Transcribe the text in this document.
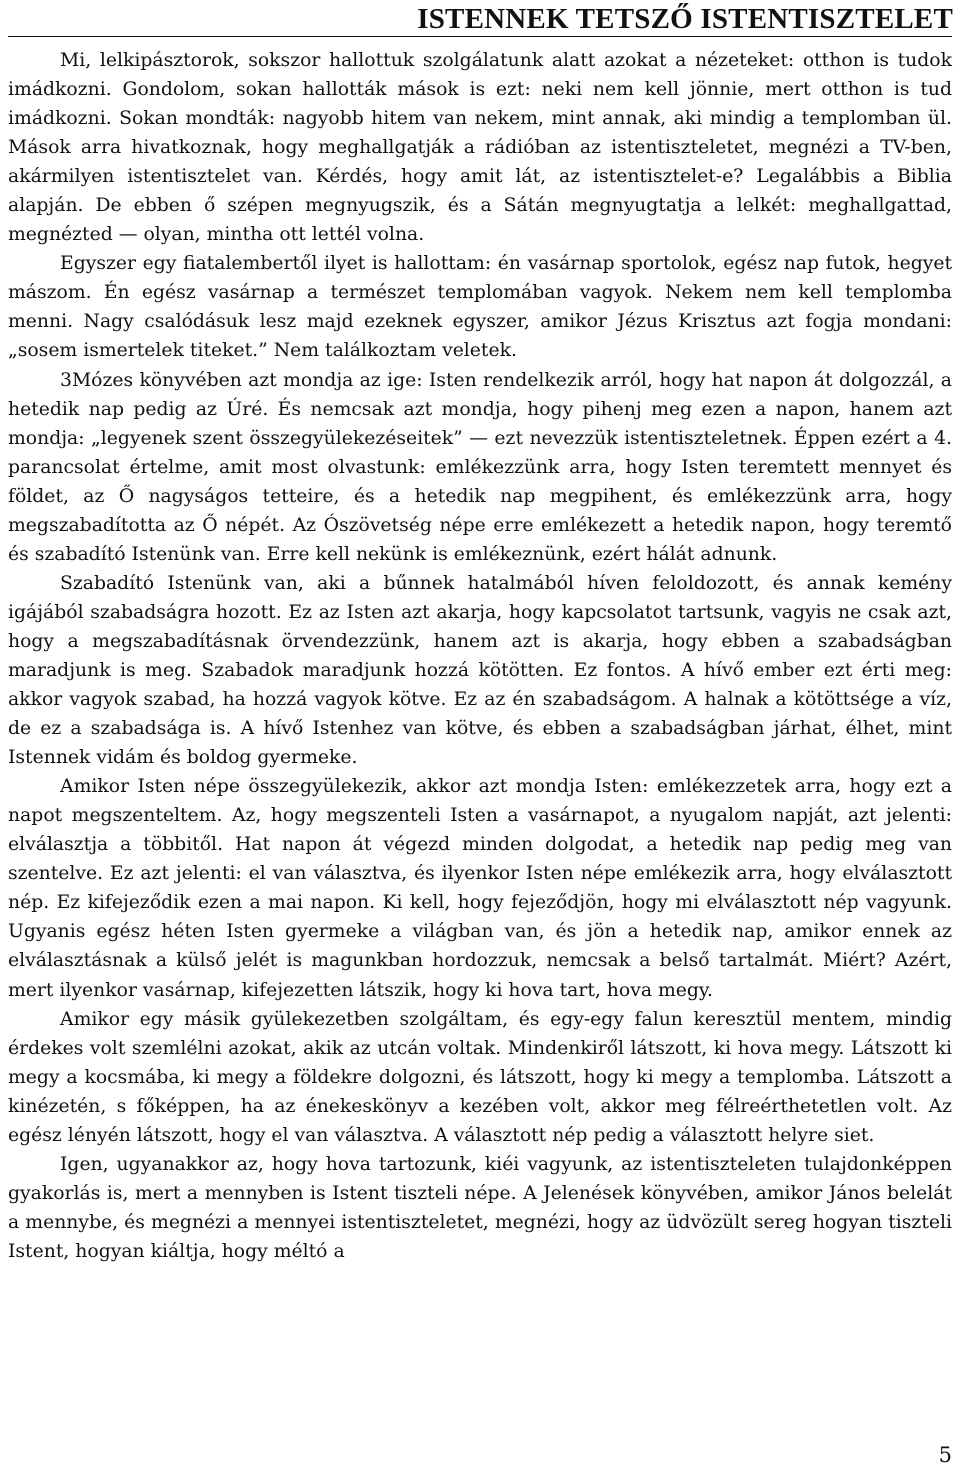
ISTENNEK TETSZŐ ISTENTISZTELET

Mi, lelkipásztorok, sokszor hallottuk szolgálatunk alatt azokat a nézeteket: otthon is tudok imádkozni. Gondolom, sokan hallották mások is ezt: neki nem kell jönnie, mert otthon is tud imádkozni. Sokan mondták: nagyobb hitem van nekem, mint annak, aki mindig a templomban ül. Mások arra hivatkoznak, hogy meghallgatják a rádióban az istentiszteletet, megnézi a TV-ben, akármilyen istentisztelet van. Kérdés, hogy amit lát, az istentisztelet-e? Legalábbis a Biblia alapján. De ebben ő szépen megnyugszik, és a Sátán megnyugtatja a lelkét: meghallgattad, megnézted — olyan, mintha ott lettél volna.

Egyszer egy fiatalembertől ilyet is hallottam: én vasárnap sportolok, egész nap futok, hegyet mászom. Én egész vasárnap a természet templomában vagyok. Nekem nem kell templomba menni. Nagy csalódásuk lesz majd ezeknek egyszer, amikor Jézus Krisztus azt fogja mondani: „sosem ismertelek titeket.” Nem találkoztam veletek.

3Mózes könyvében azt mondja az ige: Isten rendelkezik arról, hogy hat napon át dolgozzál, a hetedik nap pedig az Úré. És nemcsak azt mondja, hogy pihenj meg ezen a napon, hanem azt mondja: „legyenek szent összegyülekezéseitek” — ezt nevezzük istentiszteletnek. Éppen ezért a 4. parancsolat értelme, amit most olvastunk: emlékezzünk arra, hogy Isten teremtett mennyet és földet, az Ő nagyságos tetteire, és a hetedik nap megpihent, és emlékezzünk arra, hogy megszabadította az Ő népét. Az Ószövetség népe erre emlékezett a hetedik napon, hogy teremtő és szabadító Istenünk van. Erre kell nekünk is emlékeznünk, ezért hálát adnunk.

Szabadító Istenünk van, aki a bűnnek hatalmából híven feloldozott, és annak kemény igájából szabadságra hozott. Ez az Isten azt akarja, hogy kapcsolatot tartsunk, vagyis ne csak azt, hogy a megszabadításnak örvendezzünk, hanem azt is akarja, hogy ebben a szabadságban maradjunk is meg. Szabadok maradjunk hozzá kötötten. Ez fontos. A hívő ember ezt érti meg: akkor vagyok szabad, ha hozzá vagyok kötve. Ez az én szabadságom. A halnak a kötöttsége a víz, de ez a szabadsága is. A hívő Istenhez van kötve, és ebben a szabadságban járhat, élhet, mint Istennek vidám és boldog gyermeke.

Amikor Isten népe összegyülekezik, akkor azt mondja Isten: emlékezzetek arra, hogy ezt a napot megszenteltem. Az, hogy megszenteli Isten a vasárnapot, a nyugalom napját, azt jelenti: elválasztja a többitől. Hat napon át végezd minden dolgodat, a hetedik nap pedig meg van szentelve. Ez azt jelenti: el van választva, és ilyenkor Isten népe emlékezik arra, hogy elválasztott nép. Ez kifejeződik ezen a mai napon. Ki kell, hogy fejeződjön, hogy mi elválasztott nép vagyunk. Ugyanis egész héten Isten gyermeke a világban van, és jön a hetedik nap, amikor ennek az elválasztásnak a külső jelét is magunkban hordozzuk, nemcsak a belső tartalmát. Miért? Azért, mert ilyenkor vasárnap, kifejezetten látszik, hogy ki hova tart, hova megy.

Amikor egy másik gyülekezetben szolgáltam, és egy-egy falun keresztül mentem, mindig érdekes volt szemlélni azokat, akik az utcán voltak. Mindenkiről látszott, ki hova megy. Látszott ki megy a kocsmába, ki megy a földekre dolgozni, és látszott, hogy ki megy a templomba. Látszott a kinézetén, s főképpen, ha az énekeskönyv a kezében volt, akkor meg félreérthetetlen volt. Az egész lényén látszott, hogy el van választva. A választott nép pedig a választott helyre siet.

Igen, ugyanakkor az, hogy hova tartozunk, kiéi vagyunk, az istentiszteleten tulajdonképpen gyakorlás is, mert a mennyben is Istent tiszteli népe. A Jelenések könyvében, amikor János belelát a mennybe, és megnézi a mennyei istentiszteletet, megnézi, hogy az üdvözült sereg hogyan tiszteli Istent, hogyan kiáltja, hogy méltó a

5
